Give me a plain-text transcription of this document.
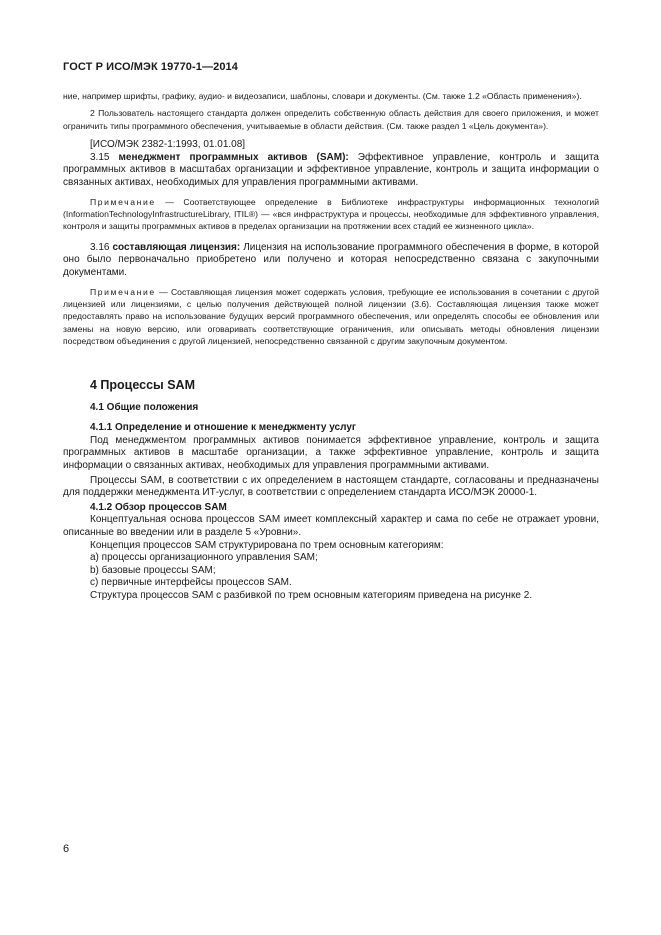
ГОСТ Р ИСО/МЭК 19770-1—2014

ние, например шрифты, графику, аудио- и видеозаписи, шаблоны, словари и документы. (См. также 1.2 «Область применения»).

2 Пользователь настоящего стандарта должен определить собственную область действия для своего приложения, и может ограничить типы программного обеспечения, учитываемые в области действия. (См. также раздел 1 «Цель документа»).

[ИСО/МЭК 2382-1:1993, 01.01.08]

3.15 менеджмент программных активов (SAM): Эффективное управление, контроль и защита программных активов в масштабах организации и эффективное управление, контроль и защита информации о связанных активах, необходимых для управления программными активами.

Примечание — Соответствующее определение в Библиотеке инфраструктуры информационных технологий (InformationTechnologyInfrastructureLibrary, ITIL®) — «вся инфраструктура и процессы, необходимые для эффективного управления, контроля и защиты программных активов в пределах организации на протяжении всех стадий ее жизненного цикла».

3.16 составляющая лицензия: Лицензия на использование программного обеспечения в форме, в которой оно было первоначально приобретено или получено и которая непосредственно связана с закупочными документами.

Примечание — Составляющая лицензия может содержать условия, требующие ее использования в сочетании с другой лицензией или лицензиями, с целью получения действующей полной лицензии (3.6). Составляющая лицензия также может предоставлять право на использование будущих версий программного обеспечения, или определять способы ее обновления или замены на новую версию, или оговаривать соответствующие ограничения, или описывать методы обновления лицензии посредством объединения с другой лицензией, непосредственно связанной с другим закупочным документом.

4 Процессы SAM
4.1 Общие положения
4.1.1 Определение и отношение к менеджменту услуг

Под менеджментом программных активов понимается эффективное управление, контроль и защита программных активов в масштабе организации, а также эффективное управление, контроль и защита информации о связанных активах, необходимых для управления программными активами.

Процессы SAM, в соответствии с их определением в настоящем стандарте, согласованы и предназначены для поддержки менеджмента ИТ-услуг, в соответствии с определением стандарта ИСО/МЭК 20000-1.

4.1.2 Обзор процессов SAM

Концептуальная основа процессов SAM имеет комплексный характер и сама по себе не отражает уровни, описанные во введении или в разделе 5 «Уровни».

Концепция процессов SAM структурирована по трем основным категориям:

a) процессы организационного управления SAM;

b) базовые процессы SAM;

c) первичные интерфейсы процессов SAM.

Структура процессов SAM с разбивкой по трем основным категориям приведена на рисунке 2.

6
